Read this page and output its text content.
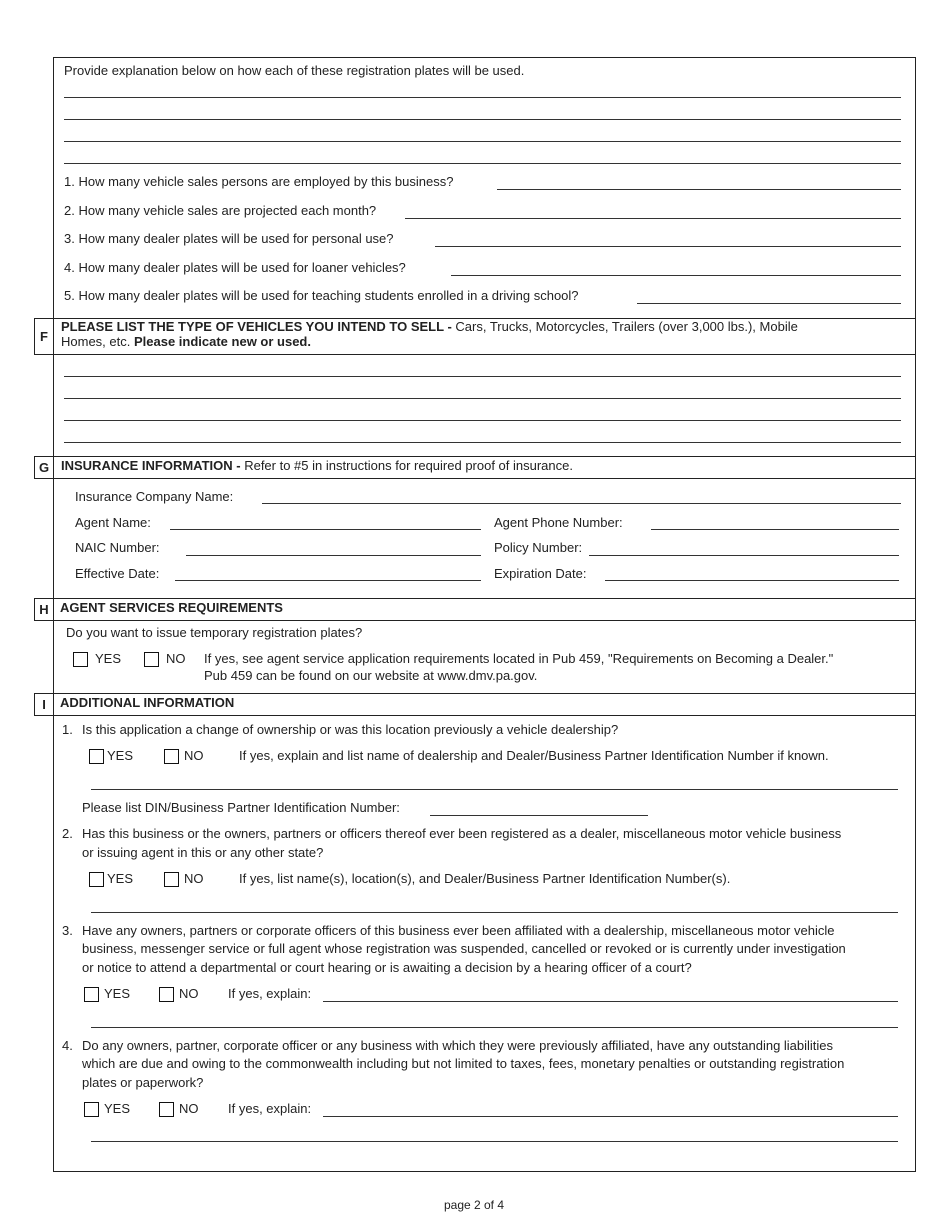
Provide explanation below on how each of these registration plates will be used.
1. How many vehicle sales persons are employed by this business?
2. How many vehicle sales are projected each month?
3. How many dealer plates will be used for personal use?
4. How many dealer plates will be used for loaner vehicles?
5. How many dealer plates will be used for teaching students enrolled in a driving school?
F
PLEASE LIST THE TYPE OF VEHICLES YOU INTEND TO SELL - Cars, Trucks, Motorcycles, Trailers (over 3,000 lbs.), Mobile
Homes, etc. Please indicate new or used.
G INSURANCE INFORMATION - Refer to #5 in instructions for required proof of insurance.
Insurance Company Name:
Agent Name:	Agent Phone Number:
NAIC Number:	Policy Number:
Effective Date:	Expiration Date:
H AGENT SERVICES REQUIREMENTS
Do you want to issue temporary registration plates?
YES	NO If yes, see agent service application requirements located in Pub 459, "Requirements on Becoming a Dealer."
Pub 459 can be found on our website at www.dmv.pa.gov.
I	ADDITIONAL INFORMATION
1. Is this application a change of ownership or was this location previously a vehicle dealership?
YES	NO	If yes, explain and list name of dealership and Dealer/Business Partner Identification Number if known.
Please list DIN/Business Partner Identification Number:
2. Has this business or the owners, partners or officers thereof ever been registered as a dealer, miscellaneous motor vehicle business
or issuing agent in this or any other state?
YES	NO	If yes, list name(s), location(s), and Dealer/Business Partner Identification Number(s).
3. Have any owners, partners or corporate officers of this business ever been affiliated with a dealership, miscellaneous motor vehicle
business, messenger service or full agent whose registration was suspended, cancelled or revoked or is currently under investigation
or notice to attend a departmental or court hearing or is awaiting a decision by a hearing officer of a court?
YES	NO If yes, explain:
4. Do any owners, partner, corporate officer or any business with which they were previously affiliated, have any outstanding liabilities
which are due and owing to the commonwealth including but not limited to taxes, fees, monetary penalties or outstanding registration
plates or paperwork?
YES	NO If yes, explain:
page 2 of 4
